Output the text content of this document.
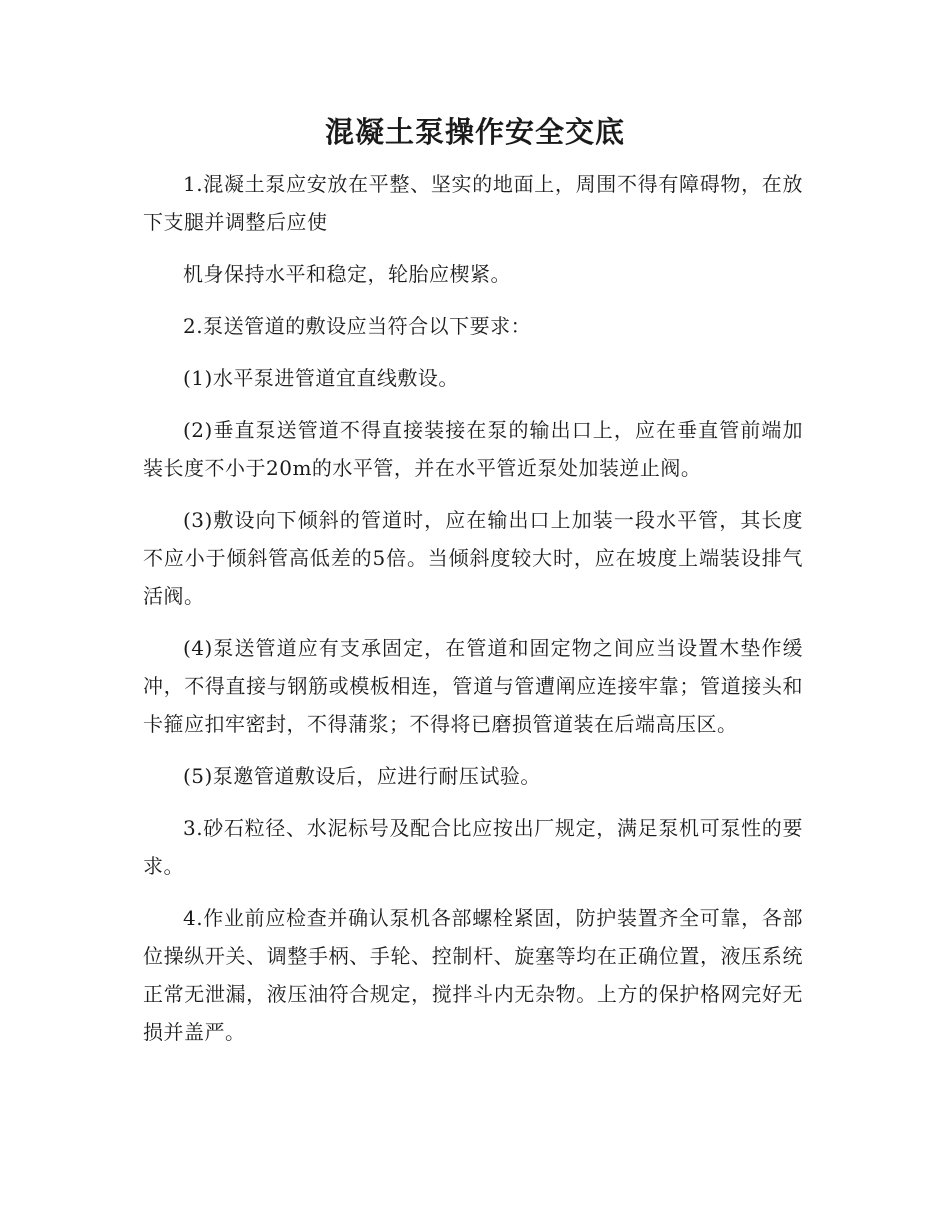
混凝土泵操作安全交底

1.混凝土泵应安放在平整、坚实的地面上，周围不得有障碍物，在放下支腿并调整后应使

机身保持水平和稳定，轮胎应楔紧。

2.泵送管道的敷设应当符合以下要求：

(1)水平泵进管道宜直线敷设。

(2)垂直泵送管道不得直接装接在泵的输出口上，应在垂直管前端加装长度不小于20m的水平管，并在水平管近泵处加装逆止阀。

(3)敷设向下倾斜的管道时，应在输出口上加装一段水平管，其长度不应小于倾斜管高低差的5倍。当倾斜度较大时，应在坡度上端装设排气活阀。

(4)泵送管道应有支承固定，在管道和固定物之间应当设置木垫作缓冲，不得直接与钢筋或模板相连，管道与管遭阐应连接牢靠；管道接头和卡箍应扣牢密封，不得蒲浆；不得将已磨损管道装在后端高压区。

(5)泵邀管道敷设后，应进行耐压试验。

3.砂石粒径、水泥标号及配合比应按出厂规定，满足泵机可泵性的要求。

4.作业前应检查并确认泵机各部螺栓紧固，防护装置齐全可靠，各部位操纵开关、调整手柄、手轮、控制杆、旋塞等均在正确位置，液压系统正常无泄漏，液压油符合规定，搅拌斗内无杂物。上方的保护格网完好无损并盖严。
